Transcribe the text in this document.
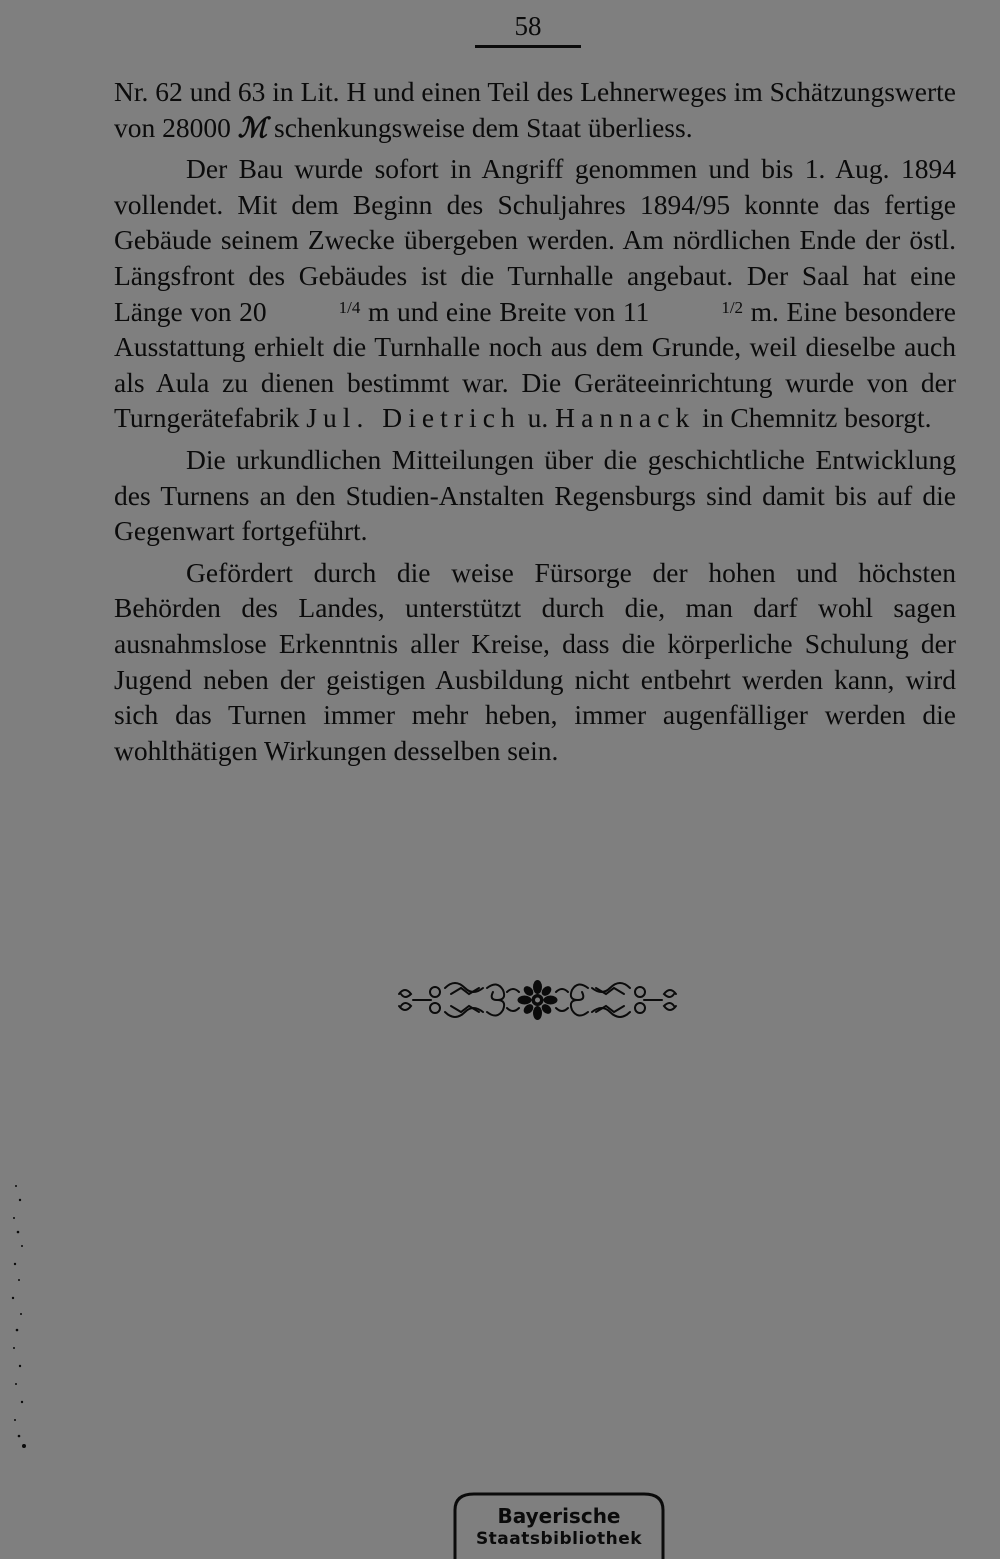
58

Nr. 62 und 63 in Lit. H und einen Teil des Lehnerweges im Schätzungswerte von 28000 ℳ schenkungsweise dem Staat überliess.

Der Bau wurde sofort in Angriff genommen und bis 1. Aug. 1894 vollendet. Mit dem Beginn des Schuljahres 1894/95 konnte das fertige Gebäude seinem Zwecke übergeben werden. Am nördlichen Ende der östl. Längsfront des Gebäudes ist die Turnhalle angebaut. Der Saal hat eine Länge von 20	1/4 m und eine Breite von 11	1/2 m. Eine besondere Ausstattung erhielt die Turnhalle noch aus dem Grunde, weil dieselbe auch als Aula zu dienen bestimmt war. Die Geräteeinrichtung wurde von der Turngerätefabrik Jul. Dietrich u. Hannack in Chemnitz besorgt.

Die urkundlichen Mitteilungen über die geschichtliche Entwicklung des Turnens an den Studien-Anstalten Regensburgs sind damit bis auf die Gegenwart fortgeführt.

Gefördert durch die weise Fürsorge der hohen und höchsten Behörden des Landes, unterstützt durch die, man darf wohl sagen ausnahmslose Erkenntnis aller Kreise, dass die körperliche Schulung der Jugend neben der geistigen Ausbildung nicht entbehrt werden kann, wird sich das Turnen immer mehr heben, immer augenfälliger werden die wohlthätigen Wirkungen desselben sein.

Bayerische
Staatsbibliothek
